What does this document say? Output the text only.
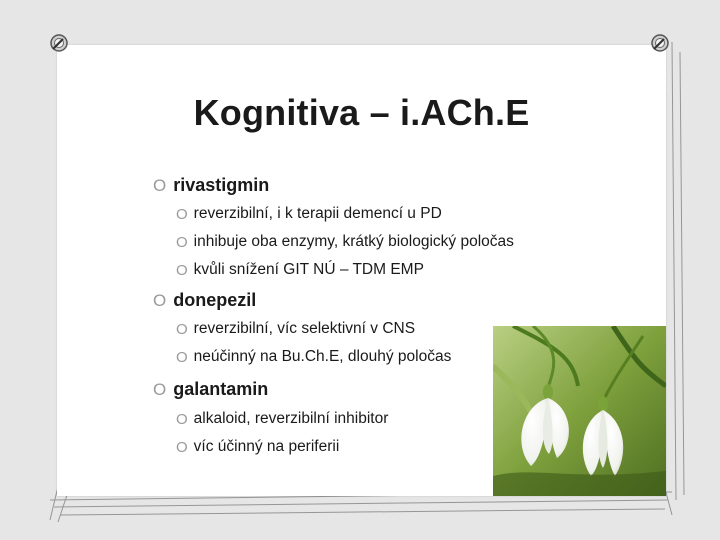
Kognitiva – i.ACh.E
O rivastigmin
O reverzibilní, i k terapii demencí u PD
O inhibuje oba enzymy, krátký biologický poločas
O kvůli snížení GIT NÚ – TDM EMP
O donepezil
O reverzibilní, víc selektivní v CNS
O neúčinný na Bu.Ch.E, dlouhý poločas
O galantamin
O alkaloid, reverzibilní inhibitor
O víc účinný na periferii
